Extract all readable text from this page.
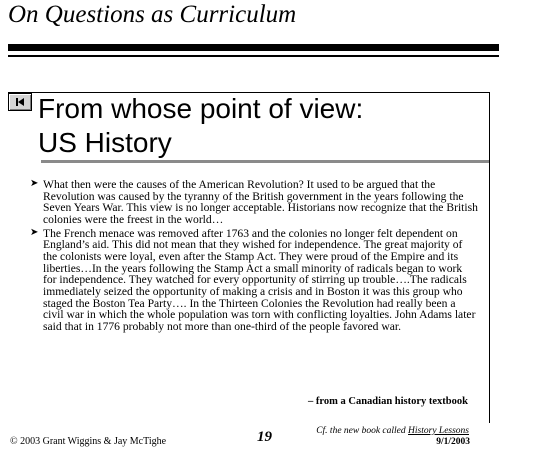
On Questions as Curriculum
From whose point of view:
US History
➤ What then were the causes of the American Revolution? It used to be argued that the Revolution was caused by the tyranny of the British government in the years following the Seven Years War. This view is no longer acceptable. Historians now recognize that the British colonies were the freest in the world…
➤ The French menace was removed after 1763 and the colonies no longer felt dependent on England’s aid. This did not mean that they wished for independence. The great majority of the colonists were loyal, even after the Stamp Act. They were proud of the Empire and its liberties…In the years following the Stamp Act a small minority of radicals began to work for independence. They watched for every opportunity of stirring up trouble….The radicals immediately seized the opportunity of making a crisis and in Boston it was this group who staged the Boston Tea Party…. In the Thirteen Colonies the Revolution had really been a civil war in which the whole population was torn with conflicting loyalties. John Adams later said that in 1776 probably not more than one-third of the people favored war.
– from a Canadian history textbook
© 2003 Grant Wiggins & Jay McTighe	19	Cf. the new book called History Lessons
9/1/2003
